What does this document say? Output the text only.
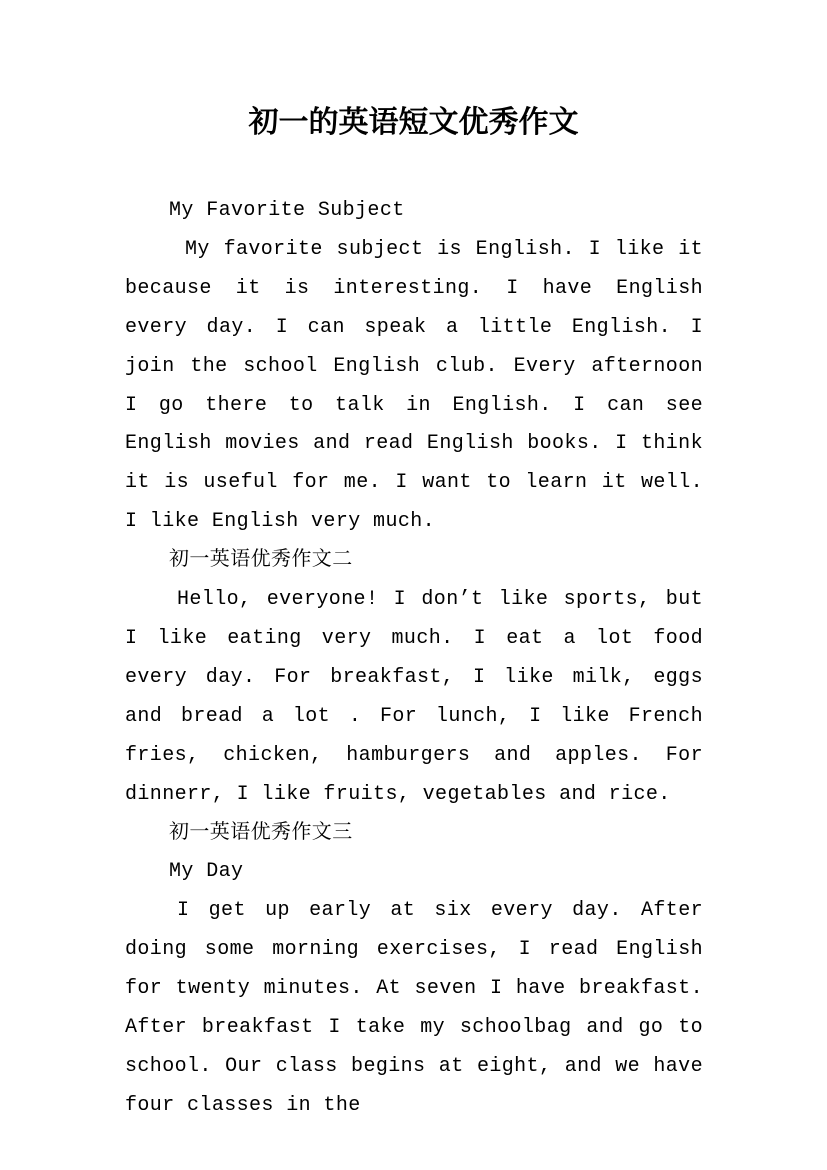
初一的英语短文优秀作文

My Favorite Subject

My favorite subject is English. I like it because it is interesting. I have English every day. I can speak a little English. I join the school English club. Every afternoon I go there to talk in English. I can see English movies and read English books. I think it is useful for me. I want to learn it well. I like English very much.

初一英语优秀作文二

Hello, everyone! I don’t like sports, but I like eating very much. I eat a lot food every day. For breakfast, I like milk, eggs and bread a lot . For lunch, I like French fries, chicken, hamburgers and apples. For dinnerr, I like fruits, vegetables and rice.

初一英语优秀作文三

My Day

I get up early at six every day. After doing some morning exercises, I read English for twenty minutes. At seven I have breakfast. After breakfast I take my schoolbag and go to school. Our class begins at eight, and we have four classes in the
